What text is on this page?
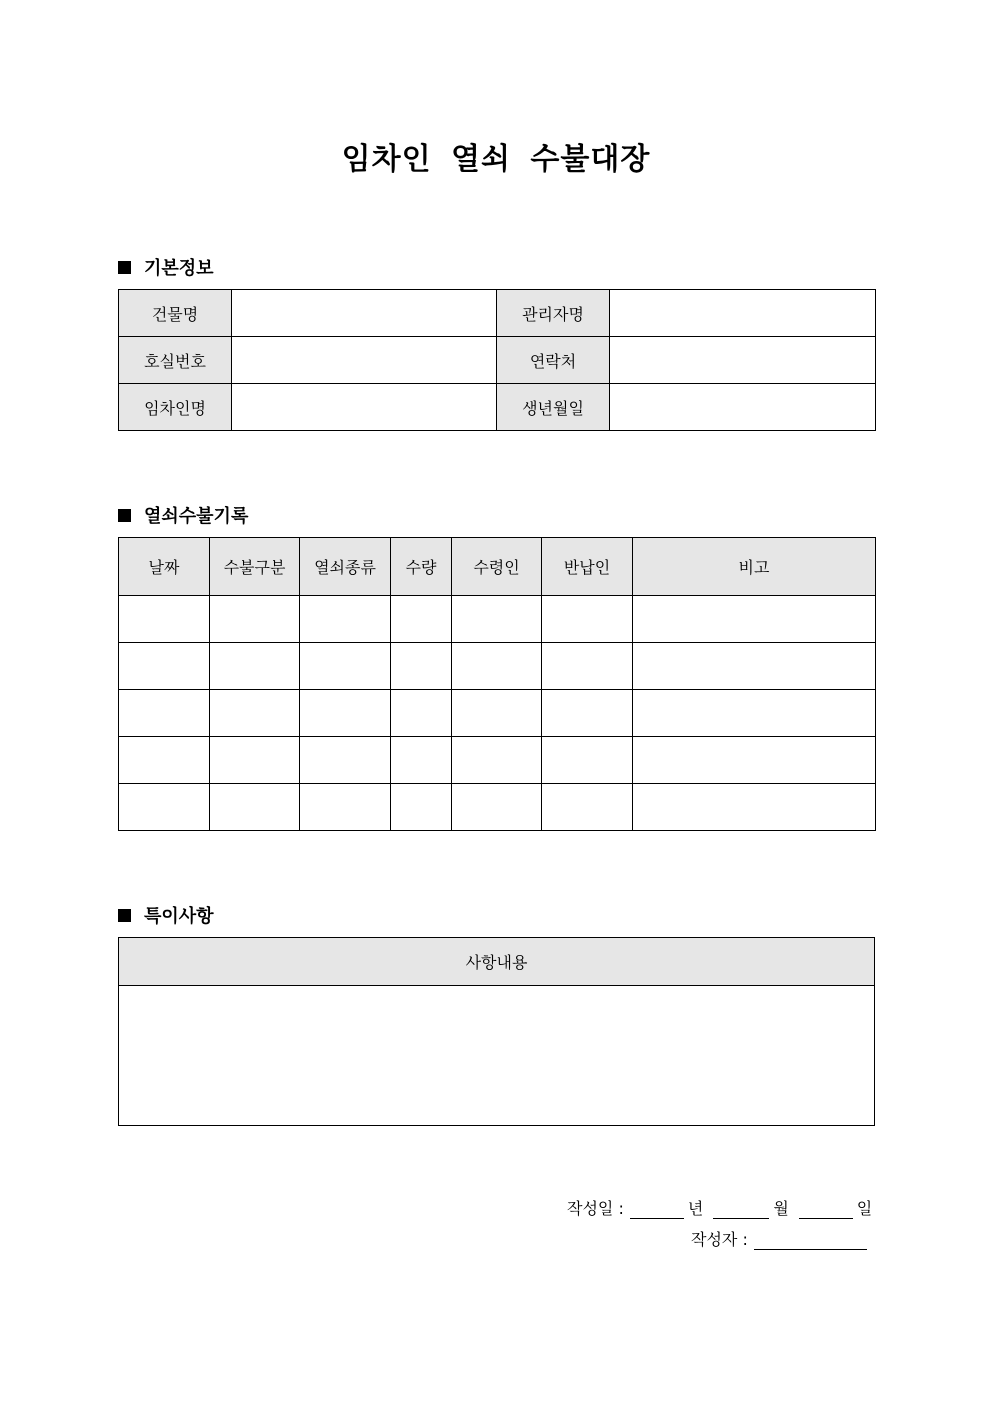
임차인 열쇠 수불대장
기본정보
건물명		관리자명	
호실번호		연락처	
임차인명		생년월일	
열쇠수불기록
날짜	수불구분	열쇠종류	수량	수령인	반납인	비고

특이사항
사항내용

작성일 :	년	월	일
작성자 :
